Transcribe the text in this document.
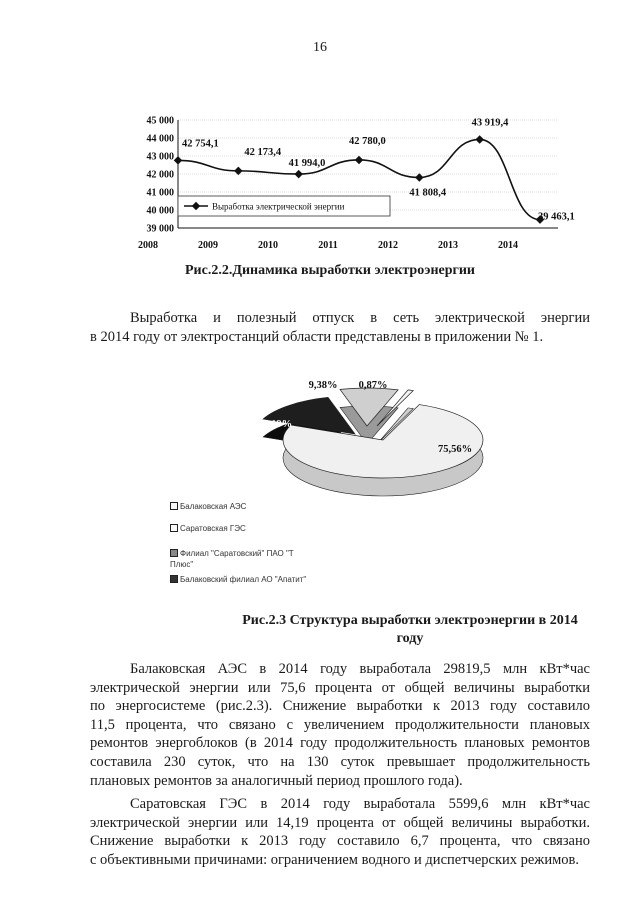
16
39 000
40 000
41 000
42 000
43 000
44 000
45 000
2008	2009	2010	2011	2012	2013	2014
42 754,1
42 173,4
41 994,0
42 780,0
41 808,4
43 919,4
39 463,1
Выработка электрической энергии
Рис.2.2.Динамика выработки электроэнергии
Выработка и полезный отпуск в сеть электрической энергии
в 2014 году от электростанций области представлены в приложении № 1.
75,56%
14,19%
9,38% 0,87%
Балаковская АЭС
Саратовская ГЭС
Филиал "Саратовский" ПАО "Т Плюс"
Балаковский филиал АО "Апатит"
Рис.2.3 Структура выработки электроэнергии в 2014
году
Балаковская АЭС в 2014 году выработала 29819,5 млн кВт*час
электрической энергии или 75,6 процента от общей величины выработки
по энергосистеме (рис.2.3). Снижение выработки к 2013 году составило
11,5 процента, что связано с увеличением продолжительности плановых
ремонтов энергоблоков (в 2014 году продолжительность плановых ремонтов
составила 230 суток, что на 130 суток превышает продолжительность
плановых ремонтов за аналогичный период прошлого года).
Саратовская ГЭС в 2014 году выработала 5599,6 млн кВт*час
электрической энергии или 14,19 процента от общей величины выработки.
Снижение выработки к 2013 году составило 6,7 процента, что связано
с объективными причинами: ограничением водного и диспетчерских режимов.
